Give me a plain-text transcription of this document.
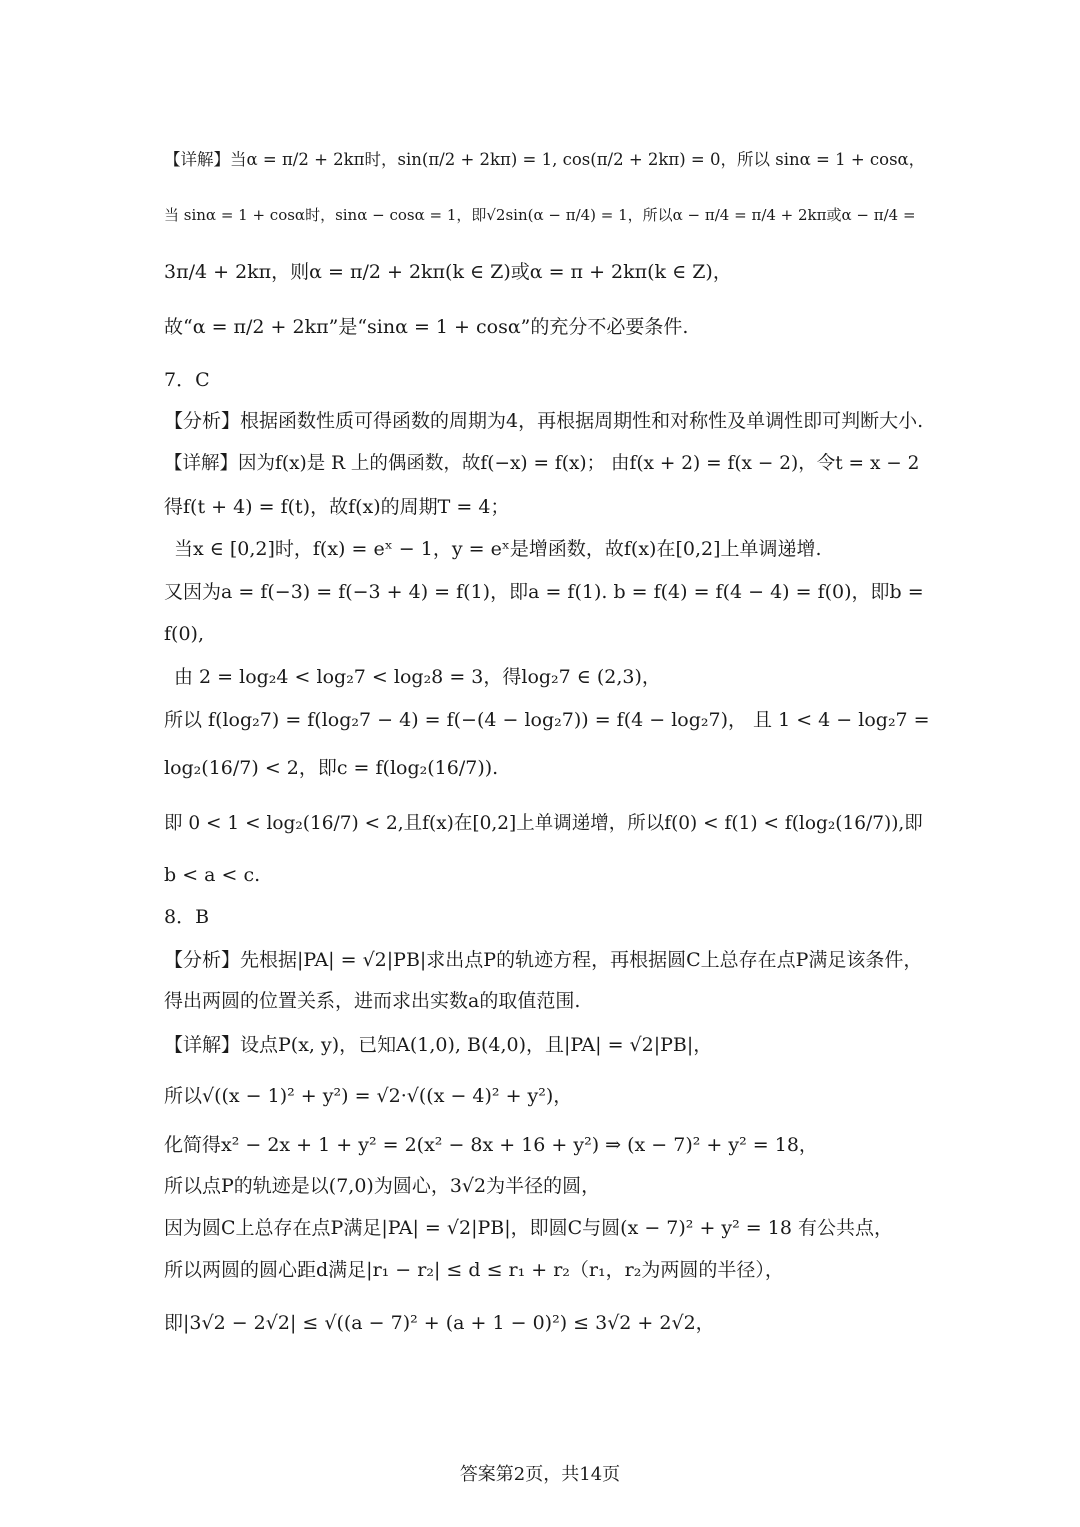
【详解】当α = π/2 + 2kπ时，sin(π/2 + 2kπ) = 1, cos(π/2 + 2kπ) = 0，所以 sinα = 1 + cosα，
当 sinα = 1 + cosα时，sinα − cosα = 1，即√2sin(α − π/4) = 1，所以α − π/4 = π/4 + 2kπ或α − π/4 =
3π/4 + 2kπ，则α = π/2 + 2kπ(k ∈ Z)或α = π + 2kπ(k ∈ Z)，
故“α = π/2 + 2kπ”是“sinα = 1 + cosα”的充分不必要条件.
7．C
【分析】根据函数性质可得函数的周期为4，再根据周期性和对称性及单调性即可判断大小.
【详解】因为f(x)是 R 上的偶函数，故f(−x) = f(x)； 由f(x + 2) = f(x − 2)，令t = x − 2
得f(t + 4) = f(t)，故f(x)的周期T = 4；
当x ∈ [0,2]时，f(x) = eˣ − 1，y = eˣ是增函数，故f(x)在[0,2]上单调递增.
又因为a = f(−3) = f(−3 + 4) = f(1)，即a = f(1). b = f(4) = f(4 − 4) = f(0)，即b =
f(0),
由 2 = log₂4 < log₂7 < log₂8 = 3，得log₂7 ∈ (2,3)，
所以 f(log₂7) = f(log₂7 − 4) = f(−(4 − log₂7)) = f(4 − log₂7)， 且 1 < 4 − log₂7 =
log₂(16/7) < 2，即c = f(log₂(16/7)).
即 0 < 1 < log₂(16/7) < 2,且f(x)在[0,2]上单调递增，所以f(0) < f(1) < f(log₂(16/7)),即
b < a < c.
8．B
【分析】先根据|PA| = √2|PB|求出点P的轨迹方程，再根据圆C上总存在点P满足该条件，
得出两圆的位置关系，进而求出实数a的取值范围.
【详解】设点P(x, y)，已知A(1,0), B(4,0)，且|PA| = √2|PB|，
所以√((x − 1)² + y²) = √2·√((x − 4)² + y²)，
化简得x² − 2x + 1 + y² = 2(x² − 8x + 16 + y²) ⇒ (x − 7)² + y² = 18，
所以点P的轨迹是以(7,0)为圆心，3√2为半径的圆，
因为圆C上总存在点P满足|PA| = √2|PB|，即圆C与圆(x − 7)² + y² = 18 有公共点，
所以两圆的圆心距d满足|r₁ − r₂| ≤ d ≤ r₁ + r₂（r₁，r₂为两圆的半径），
即|3√2 − 2√2| ≤ √((a − 7)² + (a + 1 − 0)²) ≤ 3√2 + 2√2，
答案第2页，共14页
